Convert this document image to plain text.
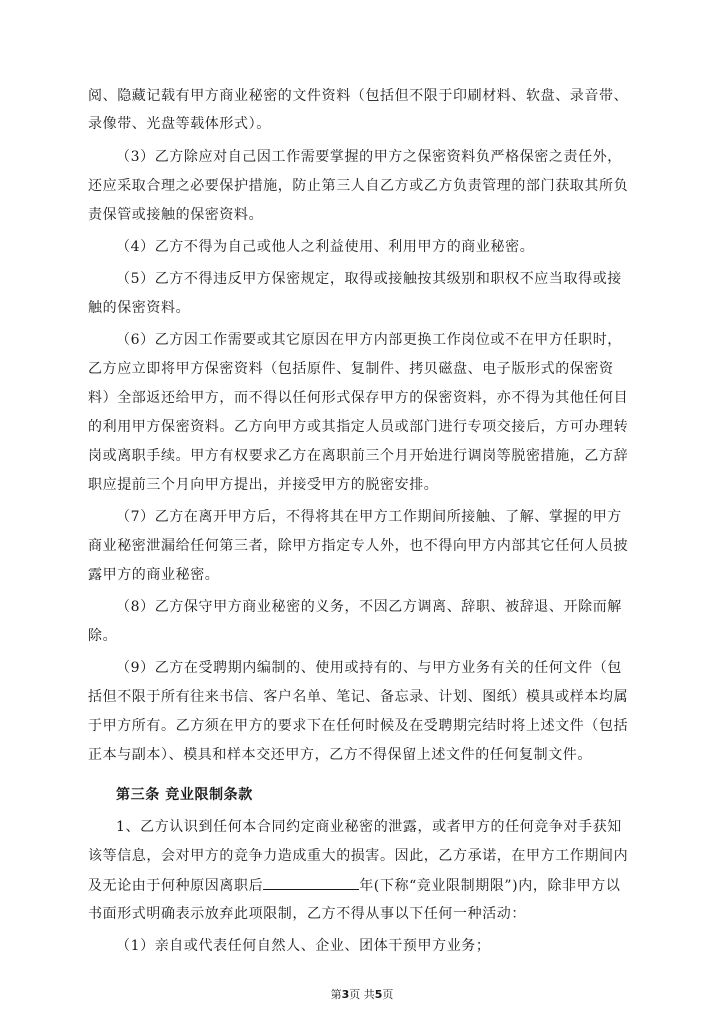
阅、隐藏记载有甲方商业秘密的文件资料（包括但不限于印刷材料、软盘、录音带、
录像带、光盘等载体形式）。
（3）乙方除应对自己因工作需要掌握的甲方之保密资料负严格保密之责任外，
还应采取合理之必要保护措施，防止第三人自乙方或乙方负责管理的部门获取其所负
责保管或接触的保密资料。
（4）乙方不得为自己或他人之利益使用、利用甲方的商业秘密。
（5）乙方不得违反甲方保密规定，取得或接触按其级别和职权不应当取得或接
触的保密资料。
（6）乙方因工作需要或其它原因在甲方内部更换工作岗位或不在甲方任职时，
乙方应立即将甲方保密资料（包括原件、复制件、拷贝磁盘、电子版形式的保密资
料）全部返还给甲方，而不得以任何形式保存甲方的保密资料，亦不得为其他任何目
的利用甲方保密资料。乙方向甲方或其指定人员或部门进行专项交接后，方可办理转
岗或离职手续。甲方有权要求乙方在离职前三个月开始进行调岗等脱密措施，乙方辞
职应提前三个月向甲方提出，并接受甲方的脱密安排。
（7）乙方在离开甲方后，不得将其在甲方工作期间所接触、了解、掌握的甲方
商业秘密泄漏给任何第三者，除甲方指定专人外，也不得向甲方内部其它任何人员披
露甲方的商业秘密。
（8）乙方保守甲方商业秘密的义务，不因乙方调离、辞职、被辞退、开除而解
除。
（9）乙方在受聘期内编制的、使用或持有的、与甲方业务有关的任何文件（包
括但不限于所有往来书信、客户名单、笔记、备忘录、计划、图纸）模具或样本均属
于甲方所有。乙方须在甲方的要求下在任何时候及在受聘期完结时将上述文件（包括
正本与副本）、模具和样本交还甲方，乙方不得保留上述文件的任何复制文件。
第三条 竞业限制条款
1、乙方认识到任何本合同约定商业秘密的泄露，或者甲方的任何竞争对手获知
该等信息，会对甲方的竞争力造成重大的损害。因此，乙方承诺，在甲方工作期间内
及无论由于何种原因离职后	年(下称“竞业限制期限”)内，除非甲方以
书面形式明确表示放弃此项限制，乙方不得从事以下任何一种活动：
（1）亲自或代表任何自然人、企业、团体干预甲方业务；
第3页 共5页
